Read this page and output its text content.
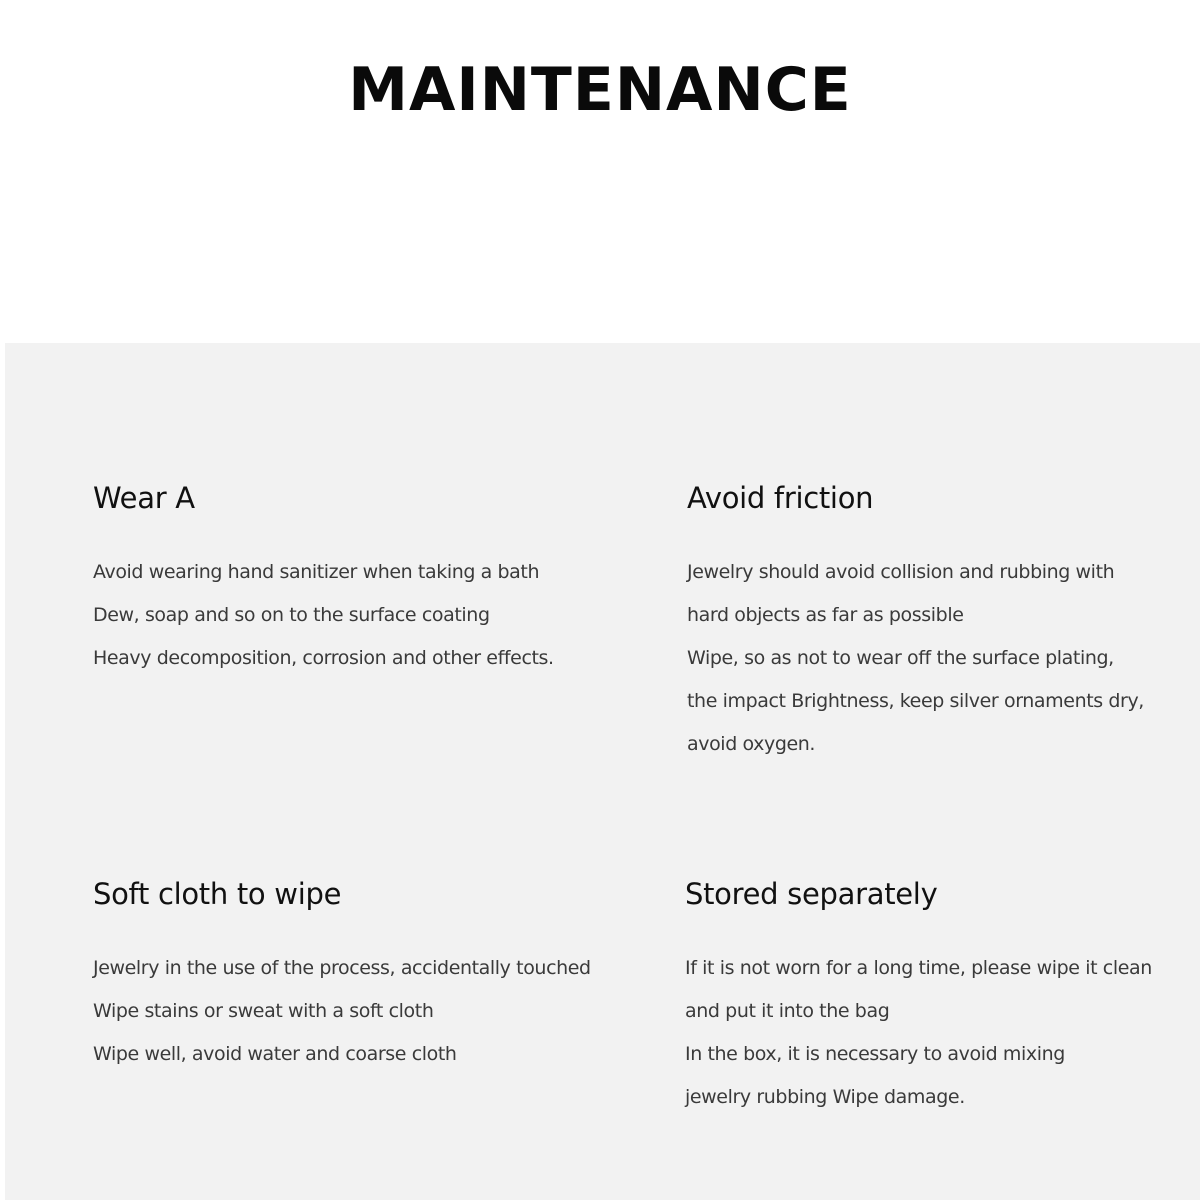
MAINTENANCE
Wear A
Avoid wearing hand sanitizer when taking a bath
Dew, soap and so on to the surface coating
Heavy decomposition, corrosion and other effects.
Avoid friction
Jewelry should avoid collision and rubbing with
hard objects as far as possible
Wipe, so as not to wear off the surface plating,
the impact Brightness, keep silver ornaments dry,
avoid oxygen.
Soft cloth to wipe
Jewelry in the use of the process, accidentally touched
Wipe stains or sweat with a soft cloth
Wipe well, avoid water and coarse cloth
Stored separately
If it is not worn for a long time, please wipe it clean
and put it into the bag
In the box, it is necessary to avoid mixing
jewelry rubbing Wipe damage.
